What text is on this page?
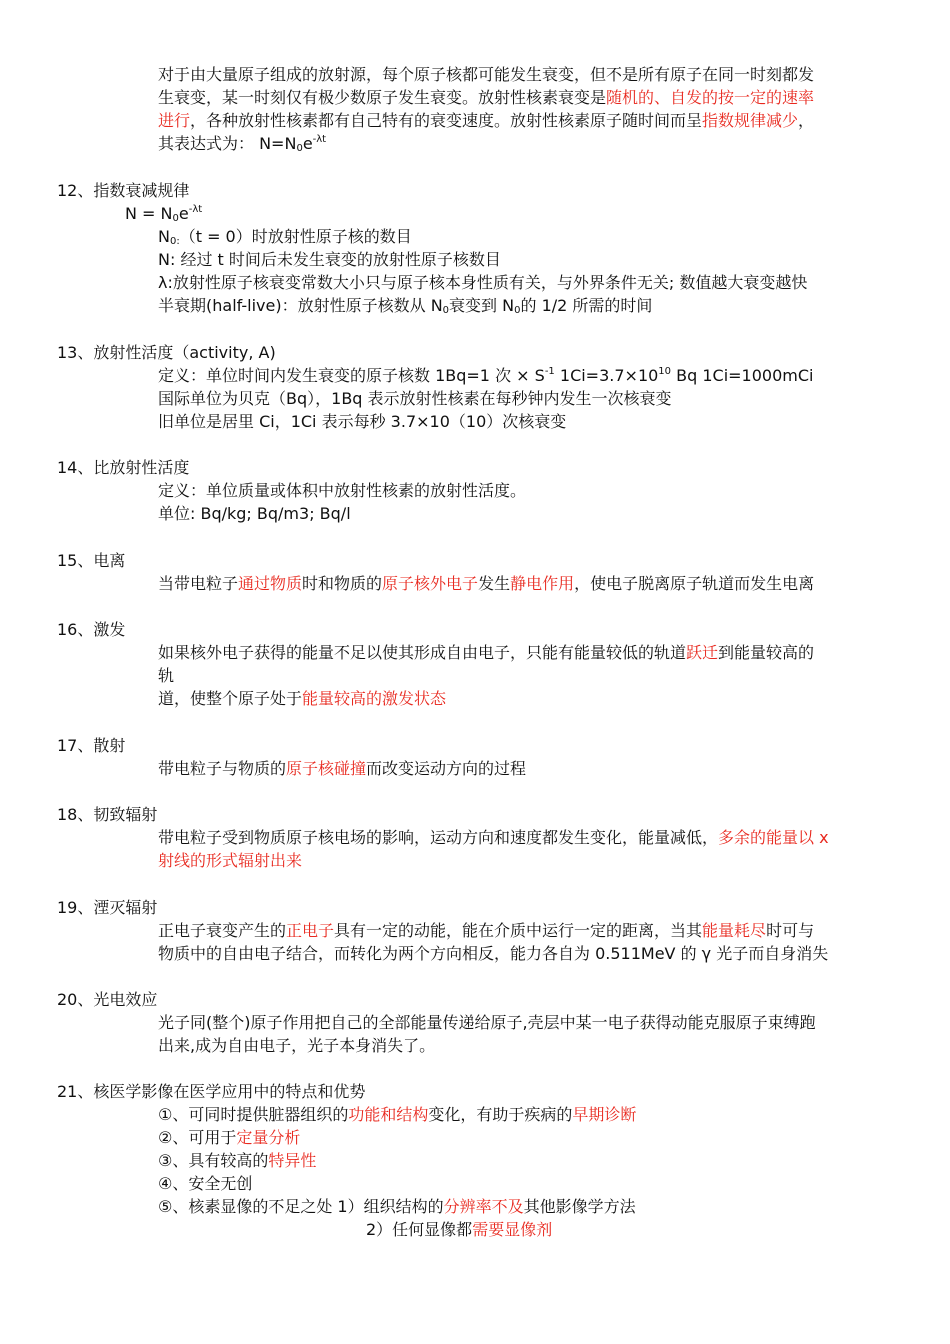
对于由大量原子组成的放射源，每个原子核都可能发生衰变，但不是所有原子在同一时刻都发
生衰变，某一时刻仅有极少数原子发生衰变。放射性核素衰变是随机的、自发的按一定的速率
进行，各种放射性核素都有自己特有的衰变速度。放射性核素原子随时间而呈指数规律减少，
其表达式为： $N=N_0e^{-\lambda t}$
12、指数衰减规律
$N = N_0e^{-\lambda t}$
$N_{0:}(t = 0)$时放射性原子核的数目
N: 经过 t 时间后未发生衰变的放射性原子核数目
λ:放射性原子核衰变常数大小只与原子核本身性质有关，与外界条件无关; 数值越大衰变越快
半衰期(half-live)：放射性原子核数从 $N_0$衰变到 $N_0$的 1/2 所需的时间
13、放射性活度（activity, A)
定义：单位时间内发生衰变的原子核数 1Bq=1 次 × $S^{-1}$ $1Ci=3.7\times 10^{10}$ Bq 1Ci=1000mCi
国际单位为贝克（Bq），1Bq 表示放射性核素在每秒钟内发生一次核衰变
旧单位是居里 Ci，1Ci 表示每秒 3.7×10（10）次核衰变
14、比放射性活度
定义：单位质量或体积中放射性核素的放射性活度。
单位: Bq/kg; Bq/m3; Bq/l
15、电离
当带电粒子通过物质时和物质的原子核外电子发生静电作用，使电子脱离原子轨道而发生电离
16、激发
如果核外电子获得的能量不足以使其形成自由电子，只能有能量较低的轨道跃迁到能量较高的
轨
道，使整个原子处于能量较高的激发状态
17、散射
带电粒子与物质的原子核碰撞而改变运动方向的过程
18、韧致辐射
带电粒子受到物质原子核电场的影响，运动方向和速度都发生变化，能量减低，多余的能量以 x
射线的形式辐射出来
19、湮灭辐射
正电子衰变产生的正电子具有一定的动能，能在介质中运行一定的距离，当其能量耗尽时可与
物质中的自由电子结合，而转化为两个方向相反，能力各自为 0.511MeV 的 γ 光子而自身消失
20、光电效应
光子同(整个)原子作用把自己的全部能量传递给原子,壳层中某一电子获得动能克服原子束缚跑
出来,成为自由电子，光子本身消失了。
21、核医学影像在医学应用中的特点和优势
①、可同时提供脏器组织的功能和结构变化，有助于疾病的早期诊断
②、可用于定量分析
③、具有较高的特异性
④、安全无创
⑤、核素显像的不足之处 1）组织结构的分辨率不及其他影像学方法
2）任何显像都需要显像剂
